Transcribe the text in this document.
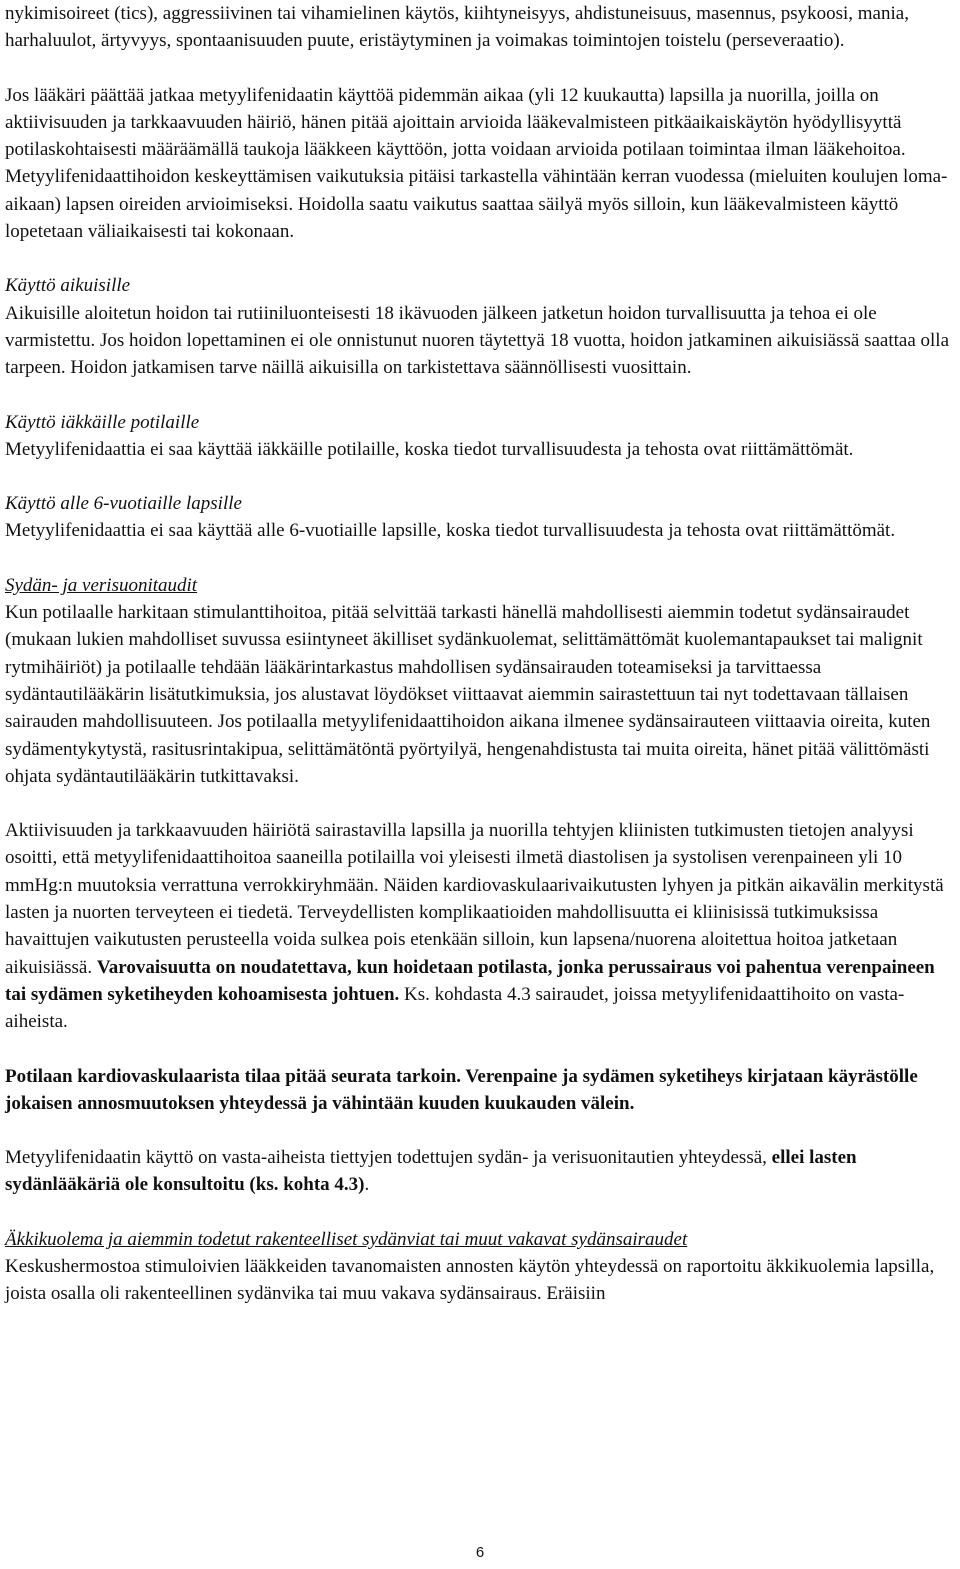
nykimisoireet (tics), aggressiivinen tai vihamielinen käytös, kiihtyneisyys, ahdistuneisuus, masennus, psykoosi, mania, harhaluulot, ärtyvyys, spontaanisuuden puute, eristäytyminen ja voimakas toimintojen toistelu (perseveraatio).

Jos lääkäri päättää jatkaa metyylifenidaatin käyttöä pidemmän aikaa (yli 12 kuukautta) lapsilla ja nuorilla, joilla on aktiivisuuden ja tarkkaavuuden häiriö, hänen pitää ajoittain arvioida lääkevalmisteen pitkäaikaiskäytön hyödyllisyyttä potilaskohtaisesti määräämällä taukoja lääkkeen käyttöön, jotta voidaan arvioida potilaan toimintaa ilman lääkehoitoa. Metyylifenidaattihoidon keskeyttämisen vaikutuksia pitäisi tarkastella vähintään kerran vuodessa (mieluiten koulujen loma-aikaan) lapsen oireiden arvioimiseksi. Hoidolla saatu vaikutus saattaa säilyä myös silloin, kun lääkevalmisteen käyttö lopetetaan väliaikaisesti tai kokonaan.

Käyttö aikuisille

Aikuisille aloitetun hoidon tai rutiiniluonteisesti 18 ikävuoden jälkeen jatketun hoidon turvallisuutta ja tehoa ei ole varmistettu. Jos hoidon lopettaminen ei ole onnistunut nuoren täytettyä 18 vuotta, hoidon jatkaminen aikuisiässä saattaa olla tarpeen. Hoidon jatkamisen tarve näillä aikuisilla on tarkistettava säännöllisesti vuosittain.

Käyttö iäkkäille potilaille

Metyylifenidaattia ei saa käyttää iäkkäille potilaille, koska tiedot turvallisuudesta ja tehosta ovat riittämättömät.

Käyttö alle 6-vuotiaille lapsille

Metyylifenidaattia ei saa käyttää alle 6-vuotiaille lapsille, koska tiedot turvallisuudesta ja tehosta ovat riittämättömät.

Sydän- ja verisuonitaudit

Kun potilaalle harkitaan stimulanttihoitoa, pitää selvittää tarkasti hänellä mahdollisesti aiemmin todetut sydänsairaudet (mukaan lukien mahdolliset suvussa esiintyneet äkilliset sydänkuolemat, selittämättömät kuolemantapaukset tai malignit rytmihäiriöt) ja potilaalle tehdään lääkärintarkastus mahdollisen sydänsairauden toteamiseksi ja tarvittaessa sydäntautilääkärin lisätutkimuksia, jos alustavat löydökset viittaavat aiemmin sairastettuun tai nyt todettavaan tällaisen sairauden mahdollisuuteen. Jos potilaalla metyylifenidaattihoidon aikana ilmenee sydänsairauteen viittaavia oireita, kuten sydämentykytystä, rasitusrintakipua, selittämätöntä pyörtyilyä, hengenahdistusta tai muita oireita, hänet pitää välittömästi ohjata sydäntautilääkärin tutkittavaksi.

Aktiivisuuden ja tarkkaavuuden häiriötä sairastavilla lapsilla ja nuorilla tehtyjen kliinisten tutkimusten tietojen analyysi osoitti, että metyylifenidaattihoitoa saaneilla potilailla voi yleisesti ilmetä diastolisen ja systolisen verenpaineen yli 10 mmHg:n muutoksia verrattuna verrokkiryhmään. Näiden kardiovaskulaarivaikutusten lyhyen ja pitkän aikavälin merkitystä lasten ja nuorten terveyteen ei tiedetä. Terveydellisten komplikaatioiden mahdollisuutta ei kliinisissä tutkimuksissa havaittujen vaikutusten perusteella voida sulkea pois etenkään silloin, kun lapsena/nuorena aloitettua hoitoa jatketaan aikuisiässä. Varovaisuutta on noudatettava, kun hoidetaan potilasta, jonka perussairaus voi pahentua verenpaineen tai sydämen syketiheyden kohoamisesta johtuen. Ks. kohdasta 4.3 sairaudet, joissa metyylifenidaattihoito on vasta-aiheista.

Potilaan kardiovaskulaarista tilaa pitää seurata tarkoin. Verenpaine ja sydämen syketiheys kirjataan käyrästölle jokaisen annosmuutoksen yhteydessä ja vähintään kuuden kuukauden välein.

Metyylifenidaatin käyttö on vasta-aiheista tiettyjen todettujen sydän- ja verisuonitautien yhteydessä, ellei lasten sydänlääkäriä ole konsultoitu (ks. kohta 4.3).

Äkkikuolema ja aiemmin todetut rakenteelliset sydänviat tai muut vakavat sydänsairaudet

Keskushermostoa stimuloivien lääkkeiden tavanomaisten annosten käytön yhteydessä on raportoitu äkkikuolemia lapsilla, joista osalla oli rakenteellinen sydänvika tai muu vakava sydänsairaus. Eräisiin

6
